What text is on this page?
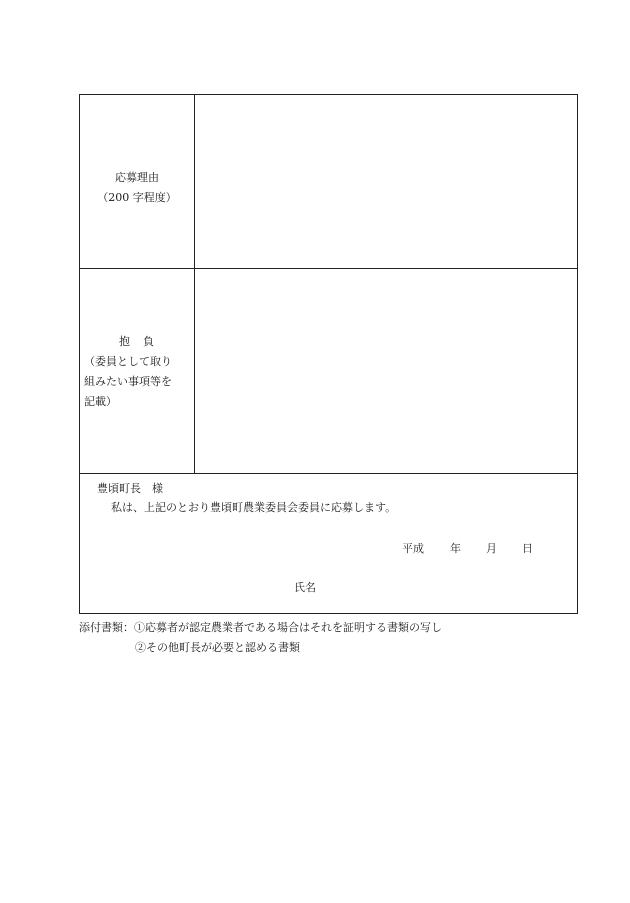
応募理由
（200 字程度）
抱　負
（委員として取り
組みたい事項等を
記載）
豊頃町長　様
私は、上記のとおり豊頃町農業委員会委員に応募します。
平成 年 月 日
氏名
添付書類：①応募者が認定農業者である場合はそれを証明する書類の写し
②その他町長が必要と認める書類
